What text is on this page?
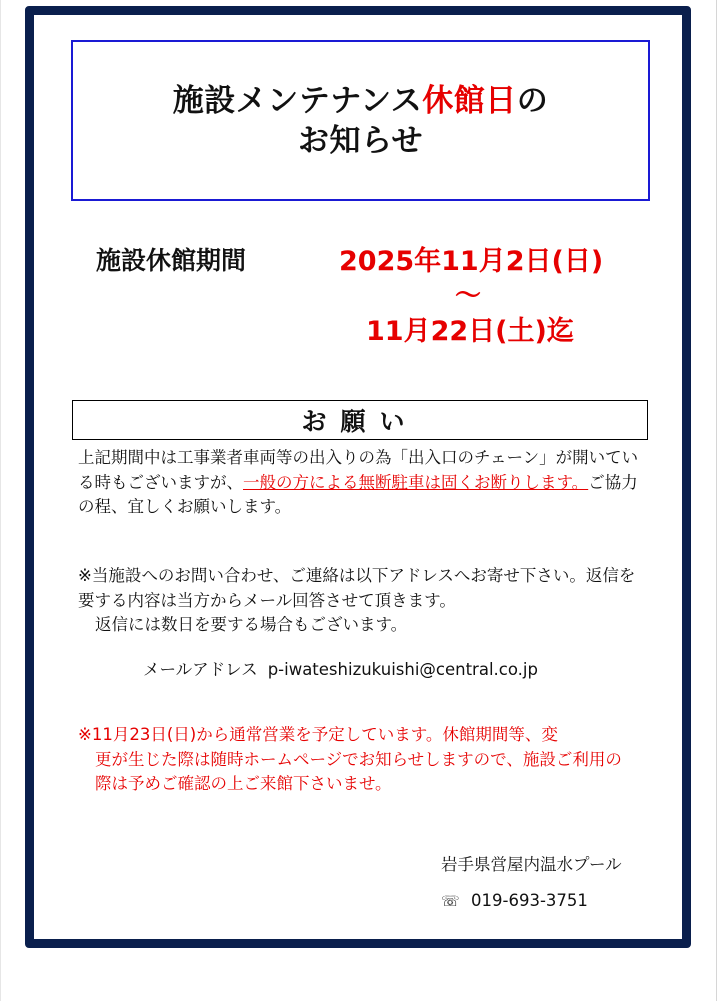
施設メンテナンス休館日の
お知らせ
施設休館期間	2025年11月2日(日)
～
11月22日(土)迄
お願い
上記期間中は工事業者車両等の出入りの為「出入口のチェーン」が開いている時もございますが、一般の方による無断駐車は固くお断りします。ご協力の程、宜しくお願いします。
※当施設へのお問い合わせ、ご連絡は以下アドレスへお寄せ下さい。返信を要する内容は当方からメール回答させて頂きます。
返信には数日を要する場合もございます。
メールアドレス p-iwateshizukuishi@central.co.jp
※11月23日(日)から通常営業を予定しています。休館期間等、変
更が生じた際は随時ホームページでお知らせしますので、施設ご利用の際は予めご確認の上ご来館下さいませ。
岩手県営屋内温水プール
☏ 019-693-3751
